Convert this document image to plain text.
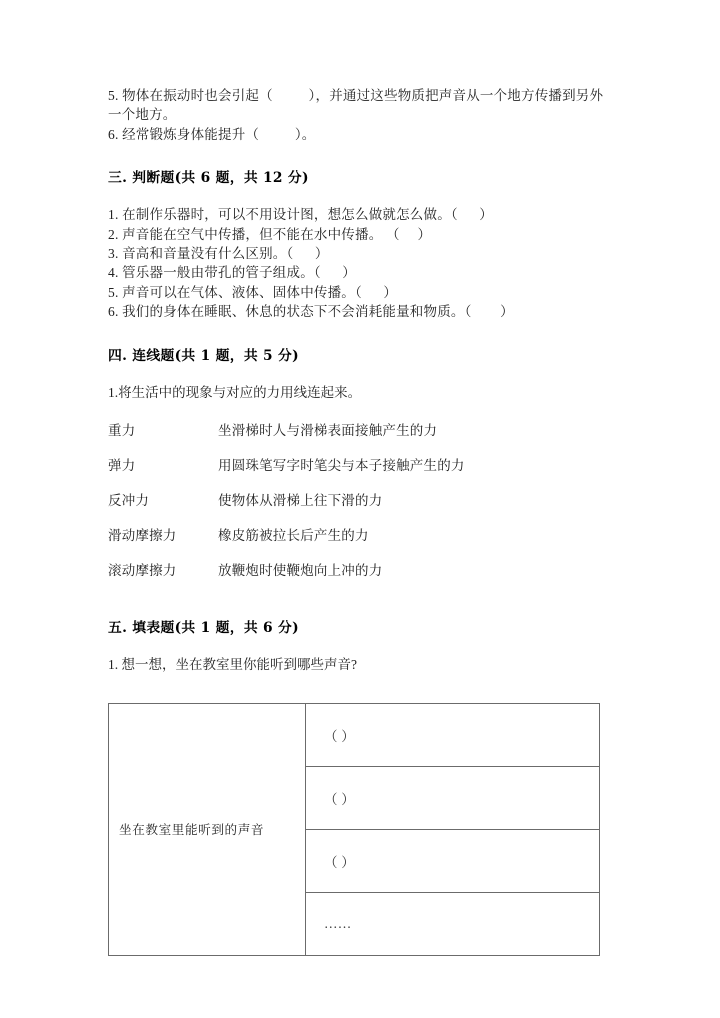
5. 物体在振动时也会引起（          ），并通过这些物质把声音从一个地方传播到另外一个地方。
6. 经常锻炼身体能提升（          ）。
三. 判断题(共 6 题，共 12 分)
1. 在制作乐器时，可以不用设计图，想怎么做就怎么做。（      ）
2. 声音能在空气中传播，但不能在水中传播。 （     ）
3. 音高和音量没有什么区别。（      ）
4. 管乐器一般由带孔的管子组成。（      ）
5. 声音可以在气体、液体、固体中传播。（      ）
6. 我们的身体在睡眠、休息的状态下不会消耗能量和物质。（        ）
四. 连线题(共 1 题，共 5 分)
1.将生活中的现象与对应的力用线连起来。
重力	坐滑梯时人与滑梯表面接触产生的力
弹力	用圆珠笔写字时笔尖与本子接触产生的力
反冲力	使物体从滑梯上往下滑的力
滑动摩擦力	橡皮筋被拉长后产生的力
滚动摩擦力	放鞭炮时使鞭炮向上冲的力
五. 填表题(共 1 题，共 6 分)
1. 想一想，坐在教室里你能听到哪些声音?
坐在教室里能听到的声音	（ ）
（ ）
（ ）
……
